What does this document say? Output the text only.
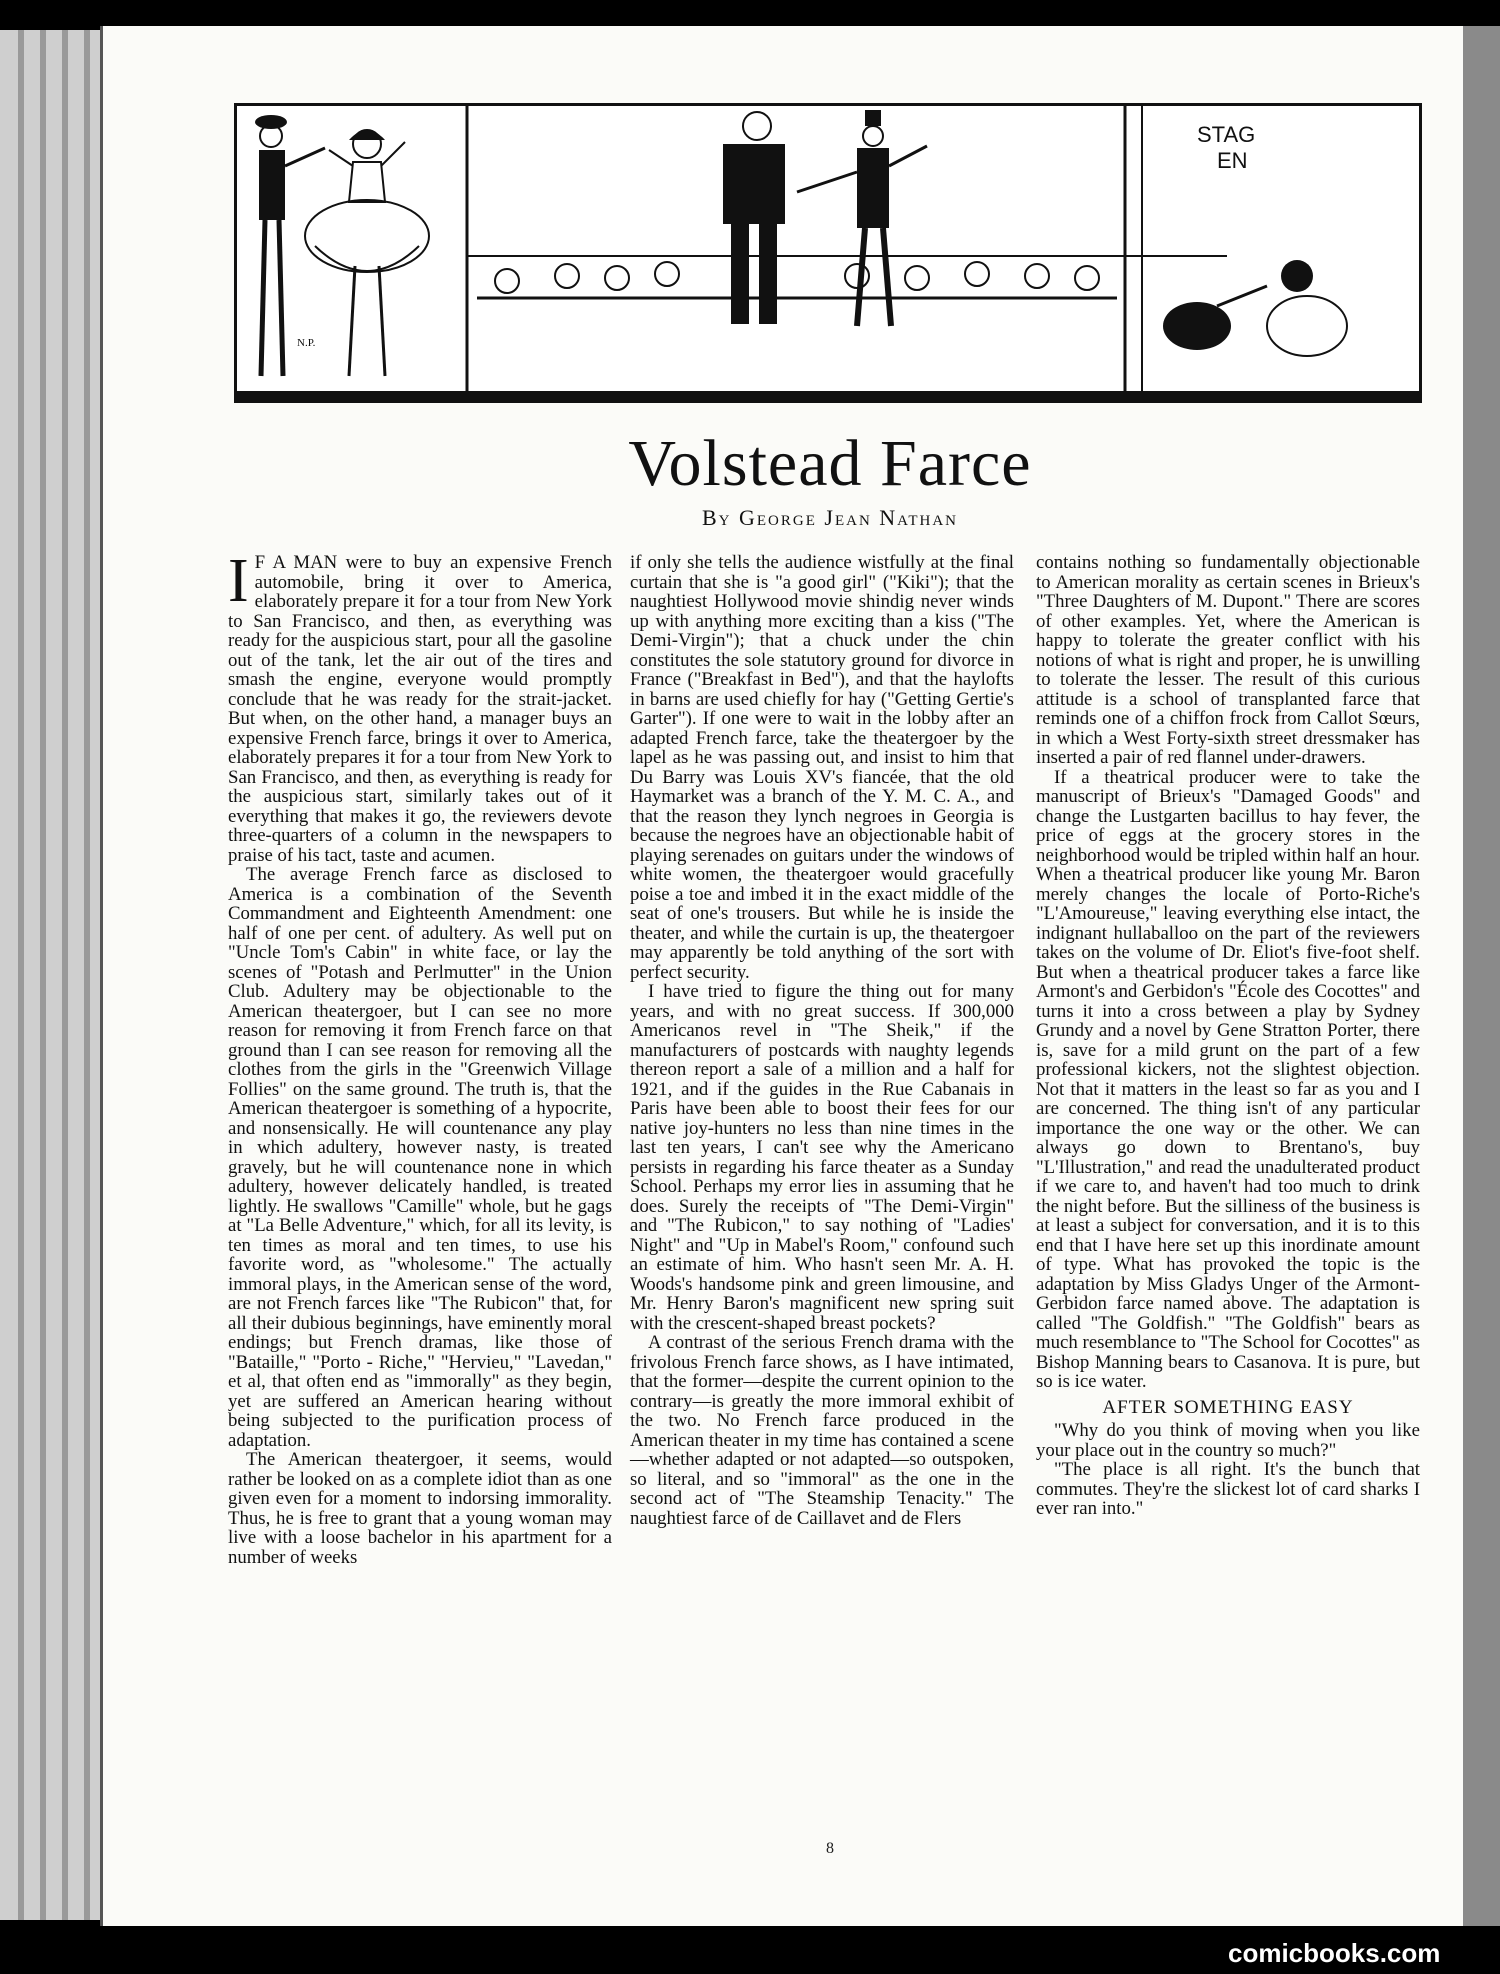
N.P.
STAG
EN
Volstead Farce
By George Jean Nathan

I F A MAN were to buy an expensive French automobile, bring it over to America, elaborately prepare it for a tour from New York to San Francisco, and then, as everything was ready for the auspicious start, pour all the gasoline out of the tank, let the air out of the tires and smash the engine, everyone would promptly conclude that he was ready for the strait-jacket. But when, on the other hand, a manager buys an expensive French farce, brings it over to America, elaborately prepares it for a tour from New York to San Francisco, and then, as everything is ready for the auspicious start, similarly takes out of it everything that makes it go, the reviewers devote three-quarters of a column in the newspapers to praise of his tact, taste and acumen.

The average French farce as disclosed to America is a combination of the Seventh Commandment and Eighteenth Amendment: one half of one per cent. of adultery. As well put on "Uncle Tom's Cabin" in white face, or lay the scenes of "Potash and Perlmutter" in the Union Club. Adultery may be objectionable to the American theatergoer, but I can see no more reason for removing it from French farce on that ground than I can see reason for removing all the clothes from the girls in the "Greenwich Village Follies" on the same ground. The truth is, that the American theatergoer is something of a hypocrite, and nonsensically. He will countenance any play in which adultery, however nasty, is treated gravely, but he will countenance none in which adultery, however delicately handled, is treated lightly. He swallows "Camille" whole, but he gags at "La Belle Adventure," which, for all its levity, is ten times as moral and ten times, to use his favorite word, as "wholesome." The actually immoral plays, in the American sense of the word, are not French farces like "The Rubicon" that, for all their dubious beginnings, have eminently moral endings; but French dramas, like those of "Bataille," "Porto - Riche," "Hervieu," "Lavedan," et al, that often end as "immorally" as they begin, yet are suffered an American hearing without being subjected to the purification process of adaptation.

The American theatergoer, it seems, would rather be looked on as a complete idiot than as one given even for a moment to indorsing immorality. Thus, he is free to grant that a young woman may live with a loose bachelor in his apartment for a number of weeks

if only she tells the audience wistfully at the final curtain that she is "a good girl" ("Kiki"); that the naughtiest Hollywood movie shindig never winds up with anything more exciting than a kiss ("The Demi-Virgin"); that a chuck under the chin constitutes the sole statutory ground for divorce in France ("Breakfast in Bed"), and that the haylofts in barns are used chiefly for hay ("Getting Gertie's Garter"). If one were to wait in the lobby after an adapted French farce, take the theatergoer by the lapel as he was passing out, and insist to him that Du Barry was Louis XV's fiancée, that the old Haymarket was a branch of the Y. M. C. A., and that the reason they lynch negroes in Georgia is because the negroes have an objectionable habit of playing serenades on guitars under the windows of white women, the theatergoer would gracefully poise a toe and imbed it in the exact middle of the seat of one's trousers. But while he is inside the theater, and while the curtain is up, the theatergoer may apparently be told anything of the sort with perfect security.

I have tried to figure the thing out for many years, and with no great success. If 300,000 Americanos revel in "The Sheik," if the manufacturers of postcards with naughty legends thereon report a sale of a million and a half for 1921, and if the guides in the Rue Cabanais in Paris have been able to boost their fees for our native joy-hunters no less than nine times in the last ten years, I can't see why the Americano persists in regarding his farce theater as a Sunday School. Perhaps my error lies in assuming that he does. Surely the receipts of "The Demi-Virgin" and "The Rubicon," to say nothing of "Ladies' Night" and "Up in Mabel's Room," confound such an estimate of him. Who hasn't seen Mr. A. H. Woods's handsome pink and green limousine, and Mr. Henry Baron's magnificent new spring suit with the crescent-shaped breast pockets?

A contrast of the serious French drama with the frivolous French farce shows, as I have intimated, that the former—despite the current opinion to the contrary—is greatly the more immoral exhibit of the two. No French farce produced in the American theater in my time has contained a scene—whether adapted or not adapted—so outspoken, so literal, and so "immoral" as the one in the second act of "The Steamship Tenacity." The naughtiest farce of de Caillavet and de Flers

contains nothing so fundamentally objectionable to American morality as certain scenes in Brieux's "Three Daughters of M. Dupont." There are scores of other examples. Yet, where the American is happy to tolerate the greater conflict with his notions of what is right and proper, he is unwilling to tolerate the lesser. The result of this curious attitude is a school of transplanted farce that reminds one of a chiffon frock from Callot Sœurs, in which a West Forty-sixth street dressmaker has inserted a pair of red flannel under-drawers.

If a theatrical producer were to take the manuscript of Brieux's "Damaged Goods" and change the Lustgarten bacillus to hay fever, the price of eggs at the grocery stores in the neighborhood would be tripled within half an hour. When a theatrical producer like young Mr. Baron merely changes the locale of Porto-Riche's "L'Amoureuse," leaving everything else intact, the indignant hullaballoo on the part of the reviewers takes on the volume of Dr. Eliot's five-foot shelf. But when a theatrical producer takes a farce like Armont's and Gerbidon's "École des Cocottes" and turns it into a cross between a play by Sydney Grundy and a novel by Gene Stratton Porter, there is, save for a mild grunt on the part of a few professional kickers, not the slightest objection. Not that it matters in the least so far as you and I are concerned. The thing isn't of any particular importance the one way or the other. We can always go down to Brentano's, buy "L'Illustration," and read the unadulterated product if we care to, and haven't had too much to drink the night before. But the silliness of the business is at least a subject for conversation, and it is to this end that I have here set up this inordinate amount of type. What has provoked the topic is the adaptation by Miss Gladys Unger of the Armont-Gerbidon farce named above. The adaptation is called "The Goldfish." "The Goldfish" bears as much resemblance to "The School for Cocottes" as Bishop Manning bears to Casanova. It is pure, but so is ice water.

AFTER SOMETHING EASY

"Why do you think of moving when you like your place out in the country so much?"

"The place is all right. It's the bunch that commutes. They're the slickest lot of card sharks I ever ran into."

8
comicbooks.com
